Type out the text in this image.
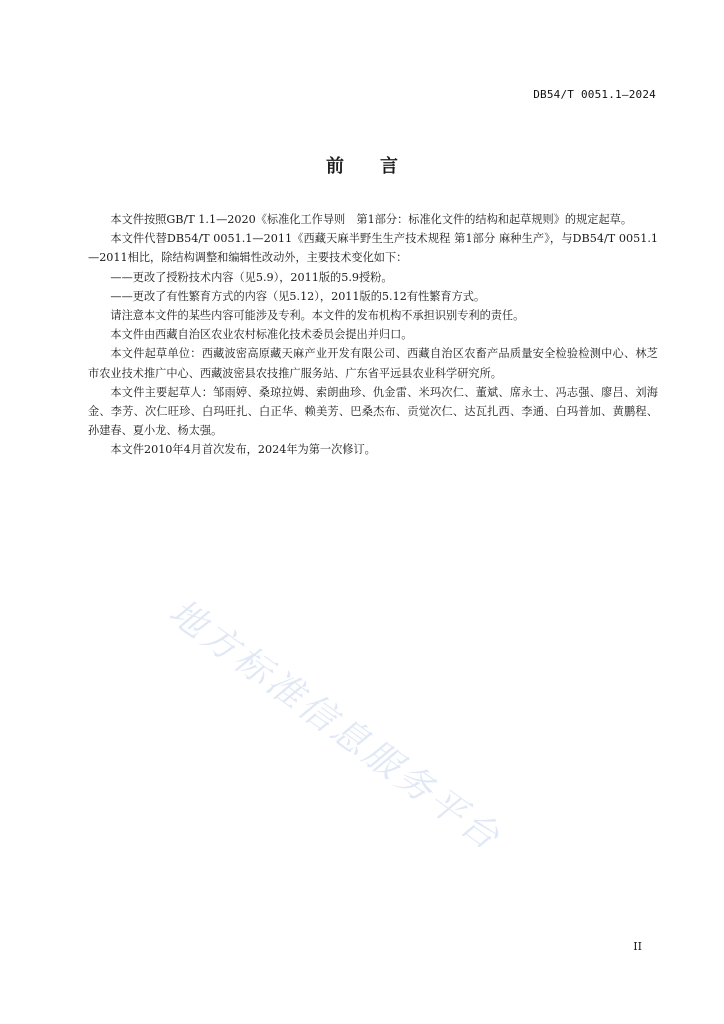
DB54/T 0051.1—2024
前言

本文件按照GB/T 1.1—2020《标准化工作导则　第1部分：标准化文件的结构和起草规则》的规定起草。

本文件代替DB54/T 0051.1—2011《西藏天麻半野生生产技术规程 第1部分 麻种生产》，与DB54/T 0051.1—2011相比，除结构调整和编辑性改动外，主要技术变化如下：

——更改了授粉技术内容（见5.9），2011版的5.9授粉。

——更改了有性繁育方式的内容（见5.12），2011版的5.12有性繁育方式。

请注意本文件的某些内容可能涉及专利。本文件的发布机构不承担识别专利的责任。

本文件由西藏自治区农业农村标准化技术委员会提出并归口。

本文件起草单位：西藏波密高原藏天麻产业开发有限公司、西藏自治区农畜产品质量安全检验检测中心、林芝市农业技术推广中心、西藏波密县农技推广服务站、广东省平远县农业科学研究所。

本文件主要起草人：邹雨婷、桑琼拉姆、索朗曲珍、仇金雷、米玛次仁、董斌、席永士、冯志强、廖吕、刘海金、李芳、次仁旺珍、白玛旺扎、白正华、赖美芳、巴桑杰布、贡觉次仁、达瓦扎西、李通、白玛普加、黄鹏程、孙建春、夏小龙、杨太强。

本文件2010年4月首次发布，2024年为第一次修订。

地方标准信息服务平台
II
